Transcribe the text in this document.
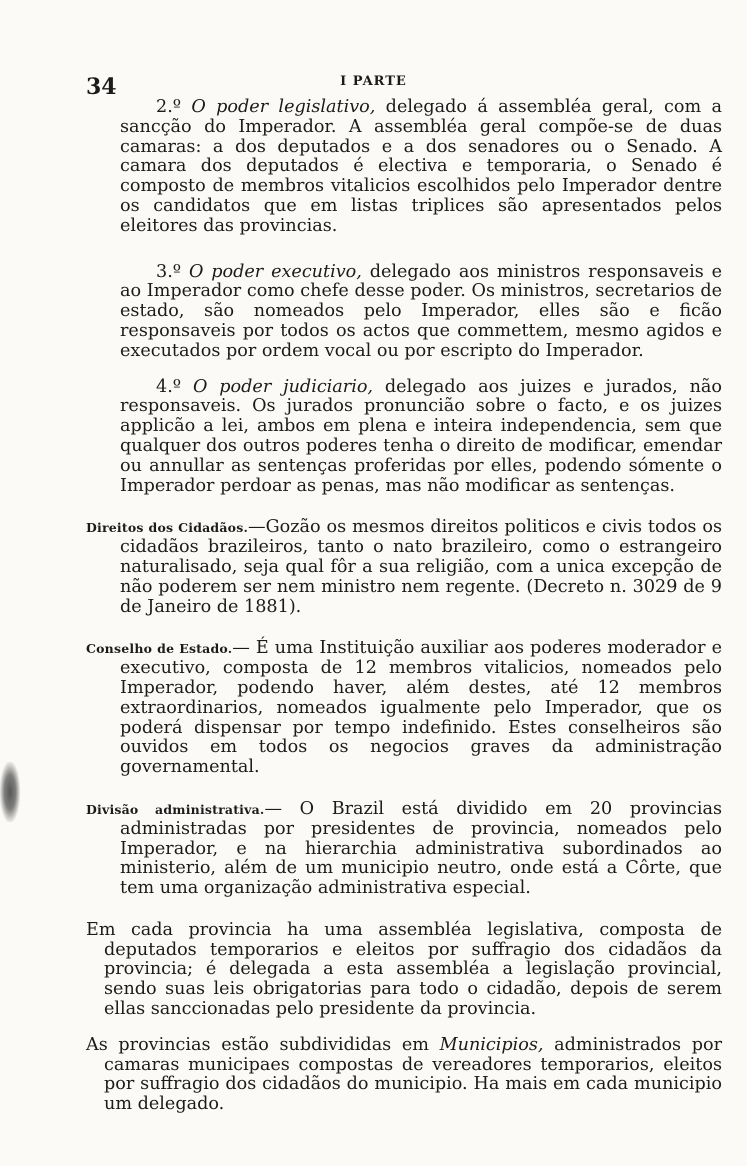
34	I PARTE

2.º O poder legislativo, delegado á assembléa geral, com a sancção do Imperador. A assembléa geral compõe-se de duas camaras: a dos deputados e a dos senadores ou o Senado. A camara dos deputados é electiva e temporaria, o Senado é composto de membros vitalicios escolhidos pelo Imperador dentre os candidatos que em listas triplices são apresentados pelos eleitores das provincias.

3.º O poder executivo, delegado aos ministros responsaveis e ao Imperador como chefe desse poder. Os ministros, secretarios de estado, são nomeados pelo Imperador, elles são e ficão responsaveis por todos os actos que commettem, mesmo agidos e executados por ordem vocal ou por escripto do Imperador.

4.º O poder judiciario, delegado aos juizes e jurados, não responsaveis. Os jurados pronuncião sobre o facto, e os juizes applicão a lei, ambos em plena e inteira independencia, sem que qualquer dos outros poderes tenha o direito de modificar, emendar ou annullar as sentenças proferidas por elles, podendo sómente o Imperador perdoar as penas, mas não modificar as sentenças.

Direitos dos Cidadãos.—Gozão os mesmos direitos politicos e civis todos os cidadãos brazileiros, tanto o nato brazileiro, como o estrangeiro naturalisado, seja qual fôr a sua religião, com a unica excepção de não poderem ser nem ministro nem regente. (Decreto n. 3029 de 9 de Janeiro de 1881).

Conselho de Estado.— É uma Instituição auxiliar aos poderes moderador e executivo, composta de 12 membros vitalicios, nomeados pelo Imperador, podendo haver, além destes, até 12 membros extraordinarios, nomeados igualmente pelo Imperador, que os poderá dispensar por tempo indefinido. Estes conselheiros são ouvidos em todos os negocios graves da administração governamental.

Divisão administrativa.— O Brazil está dividido em 20 provincias administradas por presidentes de provincia, nomeados pelo Imperador, e na hierarchia administrativa subordinados ao ministerio, além de um municipio neutro, onde está a Côrte, que tem uma organização administrativa especial.

Em cada provincia ha uma assembléa legislativa, composta de deputados temporarios e eleitos por suffragio dos cidadãos da provincia; é delegada a esta assembléa a legislação provincial, sendo suas leis obrigatorias para todo o cidadão, depois de serem ellas sanccionadas pelo presidente da provincia.

As provincias estão subdivididas em Municipios, administrados por camaras municipaes compostas de vereadores temporarios, eleitos por suffragio dos cidadãos do municipio. Ha mais em cada municipio um delegado.
